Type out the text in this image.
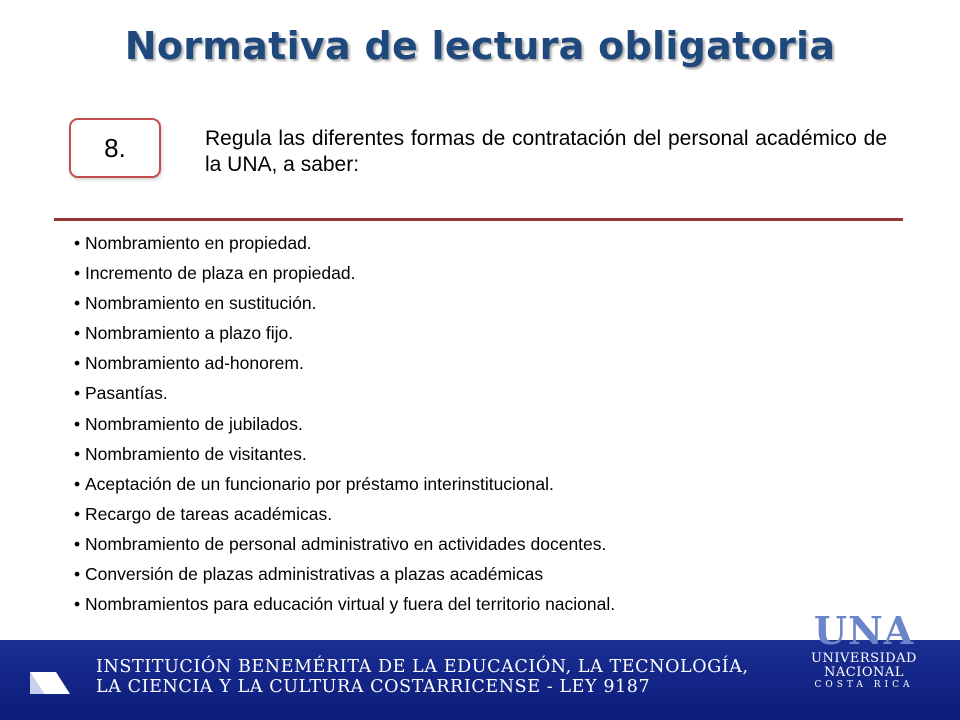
Normativa de lectura obligatoria
8.	Regula las diferentes formas de contratación del personal académico de la UNA, a saber:
• Nombramiento en propiedad.
• Incremento de plaza en propiedad.
• Nombramiento en sustitución.
• Nombramiento a plazo fijo.
• Nombramiento ad-honorem.
• Pasantías.
• Nombramiento de jubilados.
• Nombramiento de visitantes.
• Aceptación de un funcionario por préstamo interinstitucional.
• Recargo de tareas académicas.
• Nombramiento de personal administrativo en actividades docentes.
• Conversión de plazas administrativas a plazas académicas
• Nombramientos para educación virtual y fuera del territorio nacional.
INSTITUCIÓN BENEMÉRITA DE LA EDUCACIÓN, LA TECNOLOGÍA,
LA CIENCIA Y LA CULTURA COSTARRICENSE - LEY 9187
UNA
UNIVERSIDAD
NACIONAL
COSTA RICA
